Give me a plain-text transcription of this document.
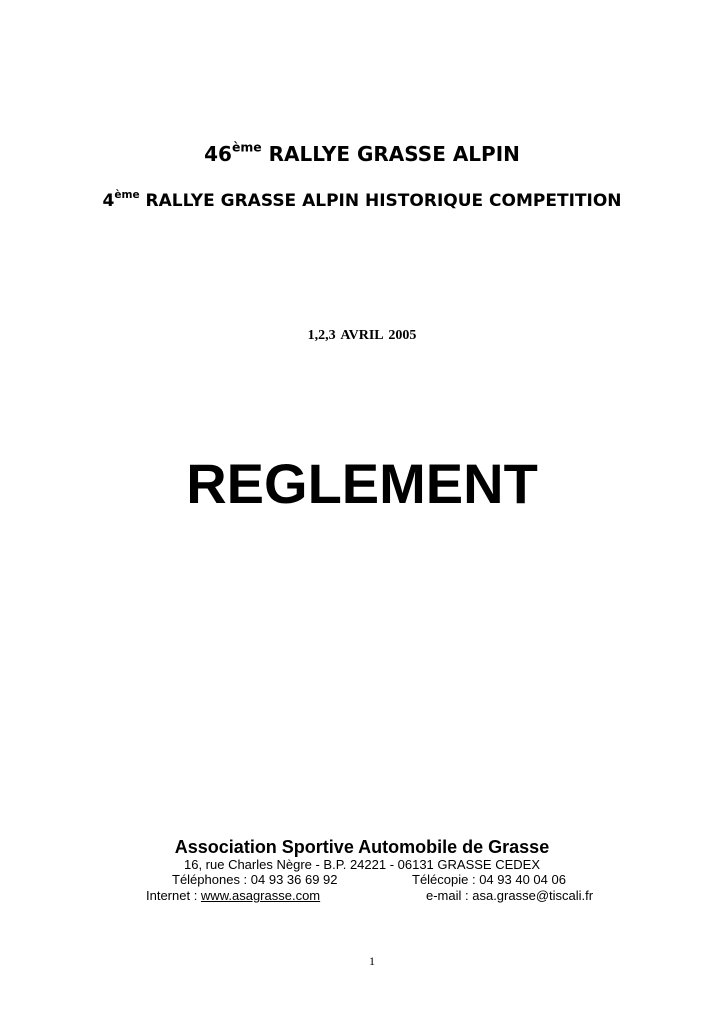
46ème RALLYE GRASSE ALPIN
4ème RALLYE GRASSE ALPIN HISTORIQUE COMPETITION
1,2,3 AVRIL 2005
REGLEMENT
Association Sportive Automobile de Grasse
16, rue Charles Nègre - B.P. 24221 - 06131 GRASSE CEDEX
Téléphones : 04 93 36 69 92	Télécopie : 04 93 40 04 06
Internet : www.asagrasse.com	e-mail : asa.grasse@tiscali.fr
1
